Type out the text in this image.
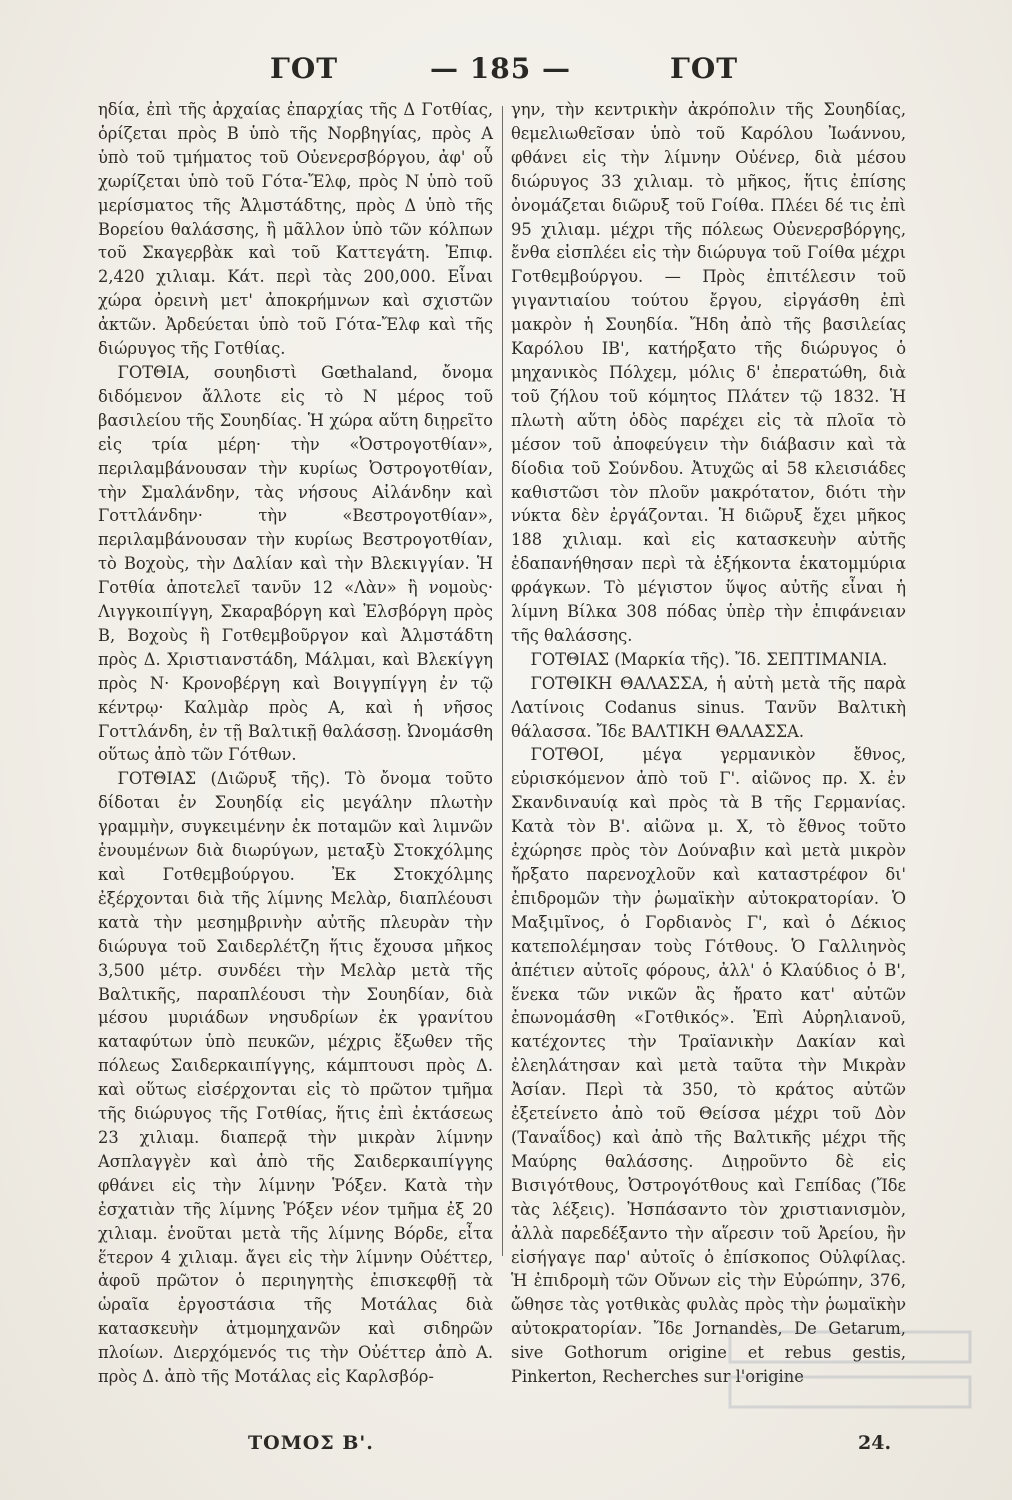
ΓΟΤ	— 185 —	ΓΟΤ

ηδία, ἐπὶ τῆς ἀρχαίας ἐπαρχίας τῆς Δ Γοτθίας, ὁρίζεται πρὸς Β ὑπὸ τῆς Νορβηγίας, πρὸς Α ὑπὸ τοῦ τμήματος τοῦ Οὐενερσβόργου, ἀφ' οὗ χωρίζεται ὑπὸ τοῦ Γότα-Ἔλφ, πρὸς Ν ὑπὸ τοῦ μερίσματος τῆς Ἀλμστάδτης, πρὸς Δ ὑπὸ τῆς Βορείου θαλάσσης, ἢ μᾶλλον ὑπὸ τῶν κόλπων τοῦ Σκαγερβὰκ καὶ τοῦ Καττεγάτη. Ἐπιφ. 2,420 χιλιαμ. Κάτ. περὶ τὰς 200,000. Εἶναι χώρα ὀρεινὴ μετ' ἀποκρήμνων καὶ σχιστῶν ἀκτῶν. Ἀρδεύεται ὑπὸ τοῦ Γότα-Ἔλφ καὶ τῆς διώρυγος τῆς Γοτθίας.

ΓΟΤΘΙΑ, σουηδιστὶ Gœthaland, ὄνομα διδόμενον ἄλλοτε εἰς τὸ Ν μέρος τοῦ βασιλείου τῆς Σουηδίας. Ἡ χώρα αὕτη διῃρεῖτο εἰς τρία μέρη· τὴν «Ὀστρογοτθίαν», περιλαμβάνουσαν τὴν κυρίως Ὀστρογοτθίαν, τὴν Σμαλάνδην, τὰς νήσους Αἰλάνδην καὶ Γοττλάνδην· τὴν «Βεστρογοτθίαν», περιλαμβάνουσαν τὴν κυρίως Βεστρογοτθίαν, τὸ Βοχοὺς, τὴν Δαλίαν καὶ τὴν Βλεκιγγίαν. Ἡ Γοτθία ἀποτελεῖ τανῦν 12 «Λὰν» ἢ νομοὺς· Λιγγκοιπίγγη, Σκαραβόργη καὶ Ἐλσβόργη πρὸς Β, Βοχοὺς ἢ Γοτθεμβοῦργον καὶ Ἀλμστάδτη πρὸς Δ. Χριστιανστάδη, Μάλμαι, καὶ Βλεκίγγη πρὸς Ν· Κρονοβέργη καὶ Βοιγγπίγγη ἐν τῷ κέντρῳ· Καλμὰρ πρὸς Α, καὶ ἡ νῆσος Γοττλάνδη, ἐν τῇ Βαλτικῇ θαλάσσῃ. Ὠνομάσθη οὕτως ἀπὸ τῶν Γότθων.

ΓΟΤΘΙΑΣ (Διῶρυξ τῆς). Τὸ ὄνομα τοῦτο δίδοται ἐν Σουηδίᾳ εἰς μεγάλην πλωτὴν γραμμὴν, συγκειμένην ἐκ ποταμῶν καὶ λιμνῶν ἑνουμένων διὰ διωρύγων, μεταξὺ Στοκχόλμης καὶ Γοτθεμβούργου. Ἐκ Στοκχόλμης ἐξέρχονται διὰ τῆς λίμνης Μελὰρ, διαπλέουσι κατὰ τὴν μεσημβρινὴν αὐτῆς πλευρὰν τὴν διώρυγα τοῦ Σαιδερλέτζη ἥτις ἔχουσα μῆκος 3,500 μέτρ. συνδέει τὴν Μελὰρ μετὰ τῆς Βαλτικῆς, παραπλέουσι τὴν Σουηδίαν, διὰ μέσου μυριάδων νησυδρίων ἐκ γρανίτου καταφύτων ὑπὸ πευκῶν, μέχρις ἔξωθεν τῆς πόλεως Σαιδερκαιπίγγης, κάμπτουσι πρὸς Δ. καὶ οὕτως εἰσέρχονται εἰς τὸ πρῶτον τμῆμα τῆς διώρυγος τῆς Γοτθίας, ἥτις ἐπὶ ἐκτάσεως 23 χιλιαμ. διαπερᾷ τὴν μικρὰν λίμνην Ασπλαγγὲν καὶ ἀπὸ τῆς Σαιδερκαιπίγγης φθάνει εἰς τὴν λίμνην Ῥόξεν. Κατὰ τὴν ἐσχατιὰν τῆς λίμνης Ῥόξεν νέον τμῆμα ἐξ 20 χιλιαμ. ἑνοῦται μετὰ τῆς λίμνης Βόρδε, εἶτα ἕτερον 4 χιλιαμ. ἄγει εἰς τὴν λίμνην Οὐέττερ, ἀφοῦ πρῶτον ὁ περιηγητὴς ἐπισκεφθῇ τὰ ὡραῖα ἐργοστάσια τῆς Μοτάλας διὰ κατασκευὴν ἀτμομηχανῶν καὶ σιδηρῶν πλοίων. Διερχόμενός τις τὴν Οὐέττερ ἀπὸ Α. πρὸς Δ. ἀπὸ τῆς Μοτάλας εἰς Καρλσβόρ-

γην, τὴν κεντρικὴν ἀκρόπολιν τῆς Σουηδίας, θεμελιωθεῖσαν ὑπὸ τοῦ Καρόλου Ἰωάννου, φθάνει εἰς τὴν λίμνην Οὐένερ, διὰ μέσου διώρυγος 33 χιλιαμ. τὸ μῆκος, ἥτις ἐπίσης ὀνομάζεται διῶρυξ τοῦ Γοίθα. Πλέει δέ τις ἐπὶ 95 χιλιαμ. μέχρι τῆς πόλεως Οὐενερσβόργης, ἔνθα εἰσπλέει εἰς τὴν διώρυγα τοῦ Γοίθα μέχρι Γοτθεμβούργου. — Πρὸς ἐπιτέλεσιν τοῦ γιγαντιαίου τούτου ἔργου, εἰργάσθη ἐπὶ μακρὸν ἡ Σουηδία. Ἤδη ἀπὸ τῆς βασιλείας Καρόλου ΙΒ', κατήρξατο τῆς διώρυγος ὁ μηχανικὸς Πόλχεμ, μόλις δ' ἐπερατώθη, διὰ τοῦ ζήλου τοῦ κόμητος Πλάτεν τῷ 1832. Ἡ πλωτὴ αὕτη ὁδὸς παρέχει εἰς τὰ πλοῖα τὸ μέσον τοῦ ἀποφεύγειν τὴν διάβασιν καὶ τὰ δίοδια τοῦ Σούνδου. Ἀτυχῶς αἱ 58 κλεισιάδες καθιστῶσι τὸν πλοῦν μακρότατον, διότι τὴν νύκτα δὲν ἐργάζονται. Ἡ διῶρυξ ἔχει μῆκος 188 χιλιαμ. καὶ εἰς κατασκευὴν αὐτῆς ἐδαπανήθησαν περὶ τὰ ἑξήκοντα ἑκατομμύρια φράγκων. Τὸ μέγιστον ὕψος αὐτῆς εἶναι ἡ λίμνη Βίλκα 308 πόδας ὑπὲρ τὴν ἐπιφάνειαν τῆς θαλάσσης.

ΓΟΤΘΙΑΣ (Μαρκία τῆς). Ἴδ. ΣΕΠΤΙΜΑΝΙΑ.

ΓΟΤΘΙΚΗ ΘΑΛΑΣΣΑ, ἡ αὐτὴ μετὰ τῆς παρὰ Λατίνοις Codanus sinus. Τανῦν Βαλτικὴ θάλασσα. Ἴδε ΒΑΛΤΙΚΗ ΘΑΛΑΣΣΑ.

ΓΟΤΘΟΙ, μέγα γερμανικὸν ἔθνος, εὑρισκόμενον ἀπὸ τοῦ Γ'. αἰῶνος πρ. Χ. ἐν Σκανδιναυίᾳ καὶ πρὸς τὰ Β τῆς Γερμανίας. Κατὰ τὸν Β'. αἰῶνα μ. Χ, τὸ ἔθνος τοῦτο ἐχώρησε πρὸς τὸν Δούναβιν καὶ μετὰ μικρὸν ἤρξατο παρενοχλοῦν καὶ καταστρέφον δι' ἐπιδρομῶν τὴν ῥωμαϊκὴν αὐτοκρατορίαν. Ὁ Μαξιμῖνος, ὁ Γορδιανὸς Γ', καὶ ὁ Δέκιος κατεπολέμησαν τοὺς Γότθους. Ὁ Γαλλιηνὸς ἀπέτιεν αὐτοῖς φόρους, ἀλλ' ὁ Κλαύδιος ὁ Β', ἕνεκα τῶν νικῶν ἃς ἤρατο κατ' αὐτῶν ἐπωνομάσθη «Γοτθικός». Ἐπὶ Αὐρηλιανοῦ, κατέχοντες τὴν Τραϊανικὴν Δακίαν καὶ ἐλεηλάτησαν καὶ μετὰ ταῦτα τὴν Μικρὰν Ἀσίαν. Περὶ τὰ 350, τὸ κράτος αὐτῶν ἐξετείνετο ἀπὸ τοῦ Θείσσα μέχρι τοῦ Δὸν (Ταναΐδος) καὶ ἀπὸ τῆς Βαλτικῆς μέχρι τῆς Μαύρης θαλάσσης. Διῃροῦντο δὲ εἰς Βισιγότθους, Ὀστρογότθους καὶ Γεπίδας (Ἴδε τὰς λέξεις). Ἠσπάσαντο τὸν χριστιανισμὸν, ἀλλὰ παρεδέξαντο τὴν αἵρεσιν τοῦ Ἀρείου, ἣν εἰσήγαγε παρ' αὐτοῖς ὁ ἐπίσκοπος Οὐλφίλας. Ἡ ἐπιδρομὴ τῶν Οὔνων εἰς τὴν Εὐρώπην, 376, ὤθησε τὰς γοτθικὰς φυλὰς πρὸς τὴν ῥωμαϊκὴν αὐτοκρατορίαν. Ἴδε Jornandès, De Getarum, sive Gothorum origine et rebus gestis, Pinkerton, Recherches sur l'origine

ΤΟΜΟΣ Β'.	24.
